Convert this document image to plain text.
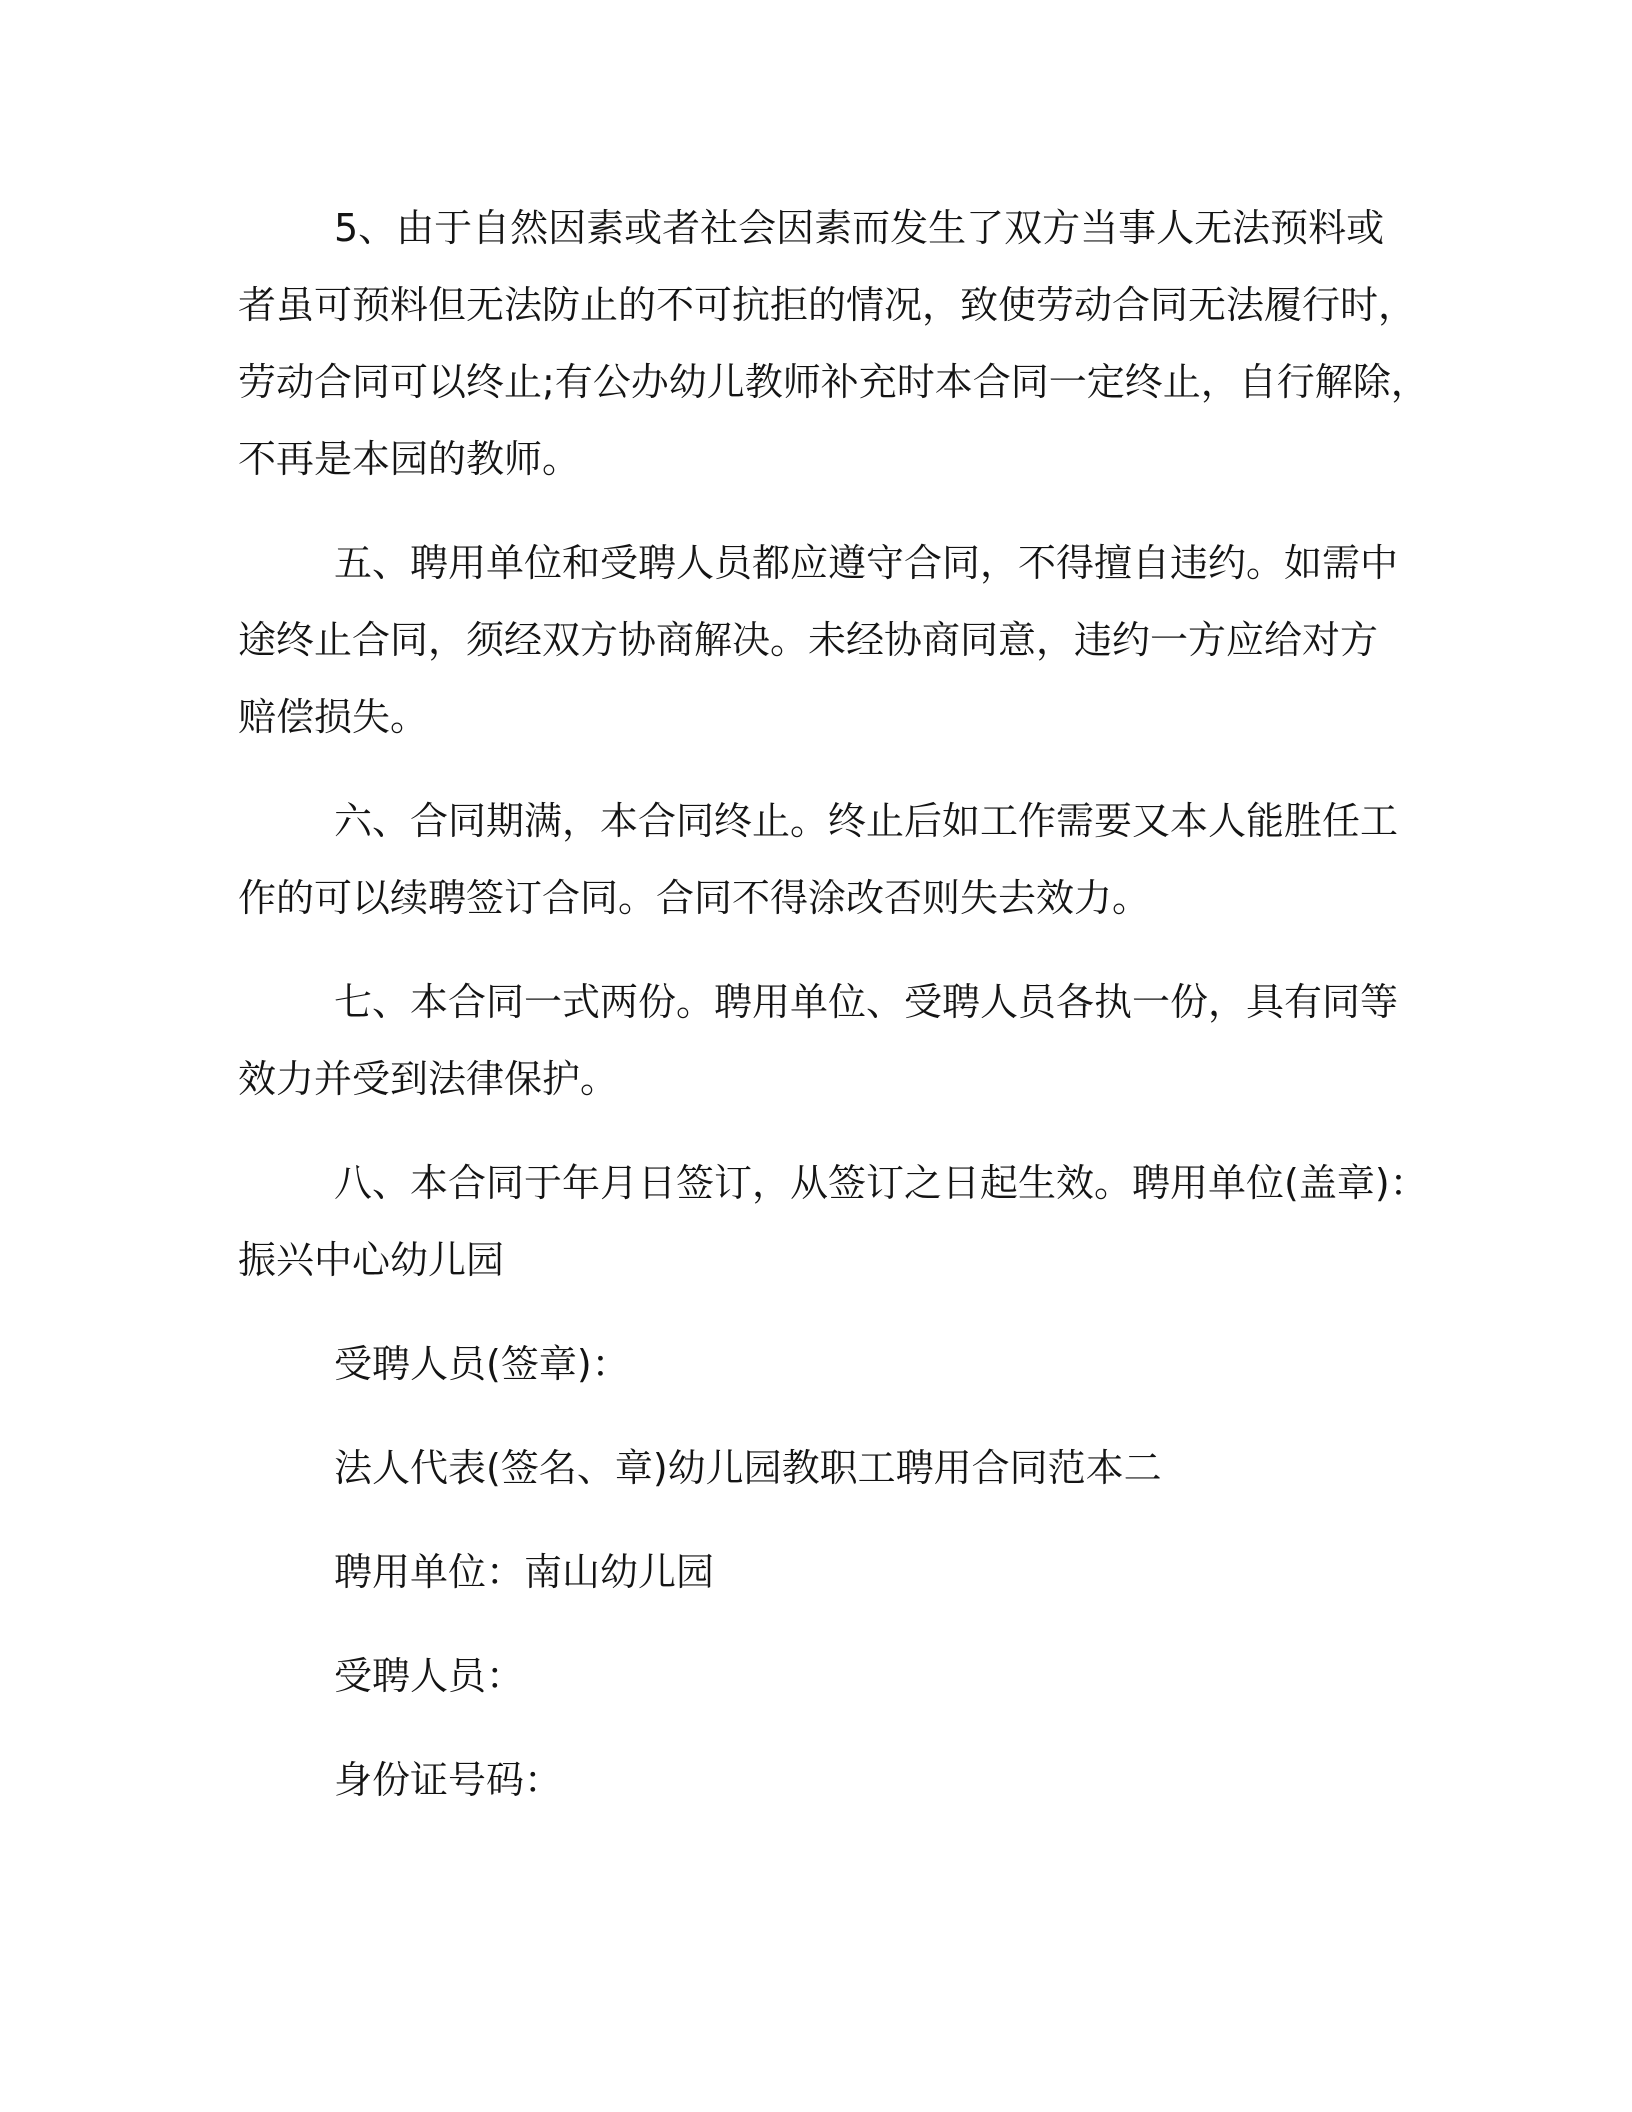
5、由于自然因素或者社会因素而发生了双方当事人无法预料或
者虽可预料但无法防止的不可抗拒的情况，致使劳动合同无法履行时，
劳动合同可以终止;有公办幼儿教师补充时本合同一定终止，自行解除，
不再是本园的教师。
五、聘用单位和受聘人员都应遵守合同，不得擅自违约。如需中
途终止合同，须经双方协商解决。未经协商同意，违约一方应给对方
赔偿损失。
六、合同期满，本合同终止。终止后如工作需要又本人能胜任工
作的可以续聘签订合同。合同不得涂改否则失去效力。
七、本合同一式两份。聘用单位、受聘人员各执一份，具有同等
效力并受到法律保护。
八、本合同于年月日签订，从签订之日起生效。聘用单位(盖章)：
振兴中心幼儿园
受聘人员(签章)：
法人代表(签名、章)幼儿园教职工聘用合同范本二
聘用单位：南山幼儿园
受聘人员：
身份证号码：
